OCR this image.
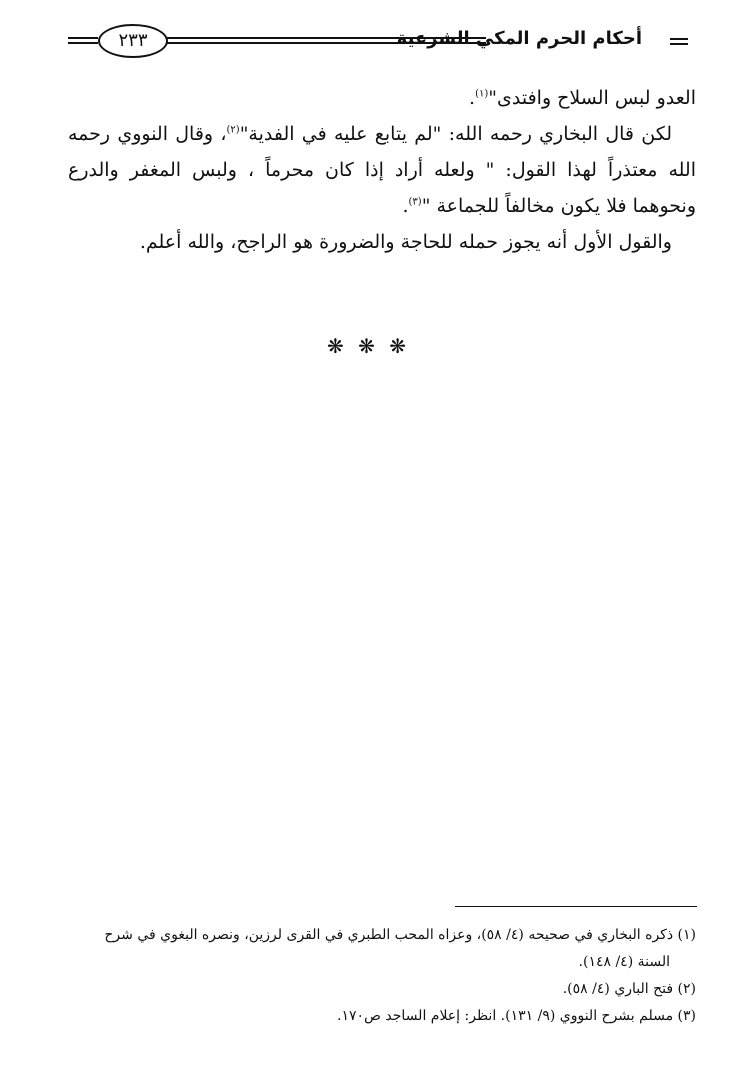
أحكام الحرم المكي الشرعية
٢٣٣

العدو لبس السلاح وافتدى"$^{(١)}$.

لكن قال البخاري رحمه الله: "لم يتابع عليه في الفدية"$^{(٢)}$، وقال النووي رحمه الله معتذراً لهذا القول: " ولعله أراد إذا كان محرماً ، ولبس المغفر والدرع ونحوهما فلا يكون مخالفاً للجماعة "$^{(٣)}$.

والقول الأول أنه يجوز حمله للحاجة والضرورة هو الراجح، والله أعلم.

❋ ❋ ❋

(١) ذكره البخاري في صحيحه (٤/ ٥٨)، وعزاه المحب الطبري في القرى لرزين، ونصره البغوي في شرح

السنة (٤/ ١٤٨).

(٢) فتح الباري (٤/ ٥٨).

(٣) مسلم بشرح النووي (٩/ ١٣١). انظر: إعلام الساجد ص١٧٠.
